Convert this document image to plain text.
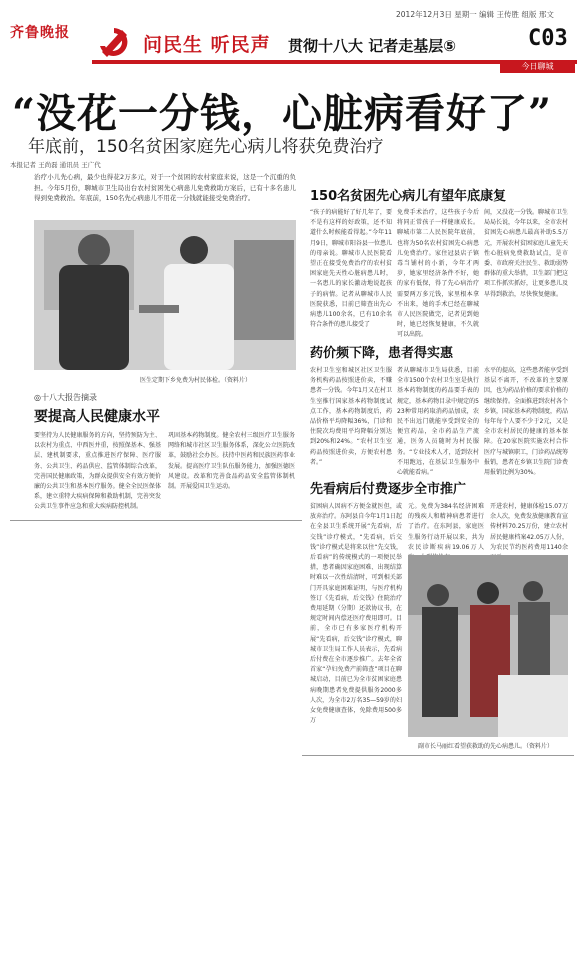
齐鲁晚报
2012年12月3日 星期一 编辑 王传胜 组版 邢文
问民生 听民声 贯彻十八大 记者走基层⑤	C03
今日聊城
“没花一分钱，心脏病看好了”
年底前，150名贫困家庭先心病儿将获免费治疗
本报记者 王尚磊 通讯员 王广代
治疗小儿先心病，最少也得花2万多元，对于一个贫困的农村家庭来说，这是一个沉重的负担。今年5月份，聊城市卫生局出台农村贫困先心病患儿免费救助方案后，已有十多名患儿得到免费救治。年底前，150名先心病患儿不用花一分钱就能接受免费治疗。
医生定期下乡免费为村民体检。（资料片）
◎十八大报告摘录
要提高人民健康水平
要坚持为人民健康服务的方向，坚持预防为主、以农村为重点、中西医并重，按照保基本、强基层、建机制要求，重点推进医疗保障、医疗服务、公共卫生、药品供应、监管体制综合改革，完善国民健康政策，为群众提供安全有效方便价廉的公共卫生和基本医疗服务。健全全民医保体系，建立重特大疾病保障和救助机制，完善突发公共卫生事件应急和重大疾病防控机制。
巩固基本药物制度。健全农村三级医疗卫生服务网络和城市社区卫生服务体系，深化公立医院改革，鼓励社会办医。扶持中医药和民族医药事业发展。提高医疗卫生队伍服务能力，加强医德医风建设。改革和完善食品药品安全监管体制机制。开展爱国卫生运动。
150名贫困先心病儿有望年底康复
“孩子的病能好了好几年了，要不是有这样的好政策，还不知道什么时候能看得起。”今年11月9日，聊城市阳谷县一位患儿的母亲说。聊城市人民医院看望正在接受免费治疗的农村贫困家庭先天性心脏病患儿时，一名患儿的家长激动地说起孩子的病情。记者从聊城市人民医院获悉，目前已筛查出先心病患儿100余名，已有10余名符合条件的患儿接受了
免费手术治疗，这些孩子今后将同正常孩子一样健康成长。聊城市第二人民医院年底前，也将为50名农村贫困先心病患儿免费治疗。家住冠县店子镇毒当铺村的小新，今年才两岁，她家里经济条件不好，她的家有低保，得了先心病治疗需要两万多元钱，家里根本拿不出来，她的手术已经在聊城市人民医院做完，记者见到她时，她已经恢复健康，不久就可以出院。
间，又没花一分钱。聊城市卫生局局长说，今年以来，全市农村贫困先心病患儿最高补助5.5万元，开展农村贫困家庭儿童先天性心脏病免费救助试点，是市委、市政府关注民生、救助弱势群体的重大举措，卫生部门把这项工作抓实抓好，让更多患儿及早得到救治，尽快恢复健康。
药价频下降，患者得实惠
农村卫生室和城区社区卫生服务机构药品按照进价卖，不赚患者一分钱。今年1月又在村卫生室推行国家基本药物制度试点工作，基本药物制度后，药品价格平均降幅36%，门诊和住院次均费用平均降幅分别达到20%和24%。“农村卫生室药品按照进价卖，方便农村患者。”
者从聊城市卫生局获悉，目前全市1500个农村卫生室是执行基本药物制度的药品要手表的规定，基本药物目录中规定的523种常用药取消药品加成，农民不出远门就能享受到安全的便宜药品，全市药品生产流通，医务人员随时为村民服务。“专业技术人才，适到农村不用跑远，在基层卫生服务中心就能看病。”
水平的提高，这些患者能享受到基层不离开，不改革的主要原因，也为药品价格的要求价格的继续保持。全面推进到农村各个乡镇，国家基本药物制度，药品每年每个人要不少于2元，又是全市农村居民的健康的基本保障。在20家医院实施农村合作医疗与城镇职工，门诊药品统筹报销，患者在乡镇卫生院门诊费用报销比例为30%。
先看病后付费逐步全市推广
贫困病人因病不方便金就医但，或放弃治疗。东阿县自今年1月1日起在全县卫生系统开展“先看病，后交钱”诊疗模式，“先看病，后交钱”诊疗模式是将来以往“先交钱，后看病”的传统模式的一项便民举措，患者确因家庭困难、出现结算时难以一次性结清时，可到相关部门开具家庭困难证明，与医疗机构签订《先看病，后交钱》住院治疗费用延期（分期）还款协议书，在规定时间内偿还医疗费用即可。目前，全市已有多家医疗机构开展“先看病，后交钱”诊疗模式，聊城市卫生局工作人员表示，先看病后付费在全市逐步推广。去年全省首家“孕妇免费产前筛查”项目在聊城启动，目前已为全市贫困家庭患病晚期患者免费提供服务2000多人次，为全市2万名35—59岁的妇女免费健康查体，免除费用500多万
元。免费为384名经济困难的残疾人和精神病患者进行了治疗。在东阿县，家庭医生服务行动开展以来，共为农民诊断疾病19.06万人
开进农村，健康体检15.07万余人次，免费发放健康教育宣传材料70.25万份，建立农村居民健康档案42.05万人份，为农民节约医药费用1140余
副市长马丽红看望获救助的先心病患儿。（资料片）
